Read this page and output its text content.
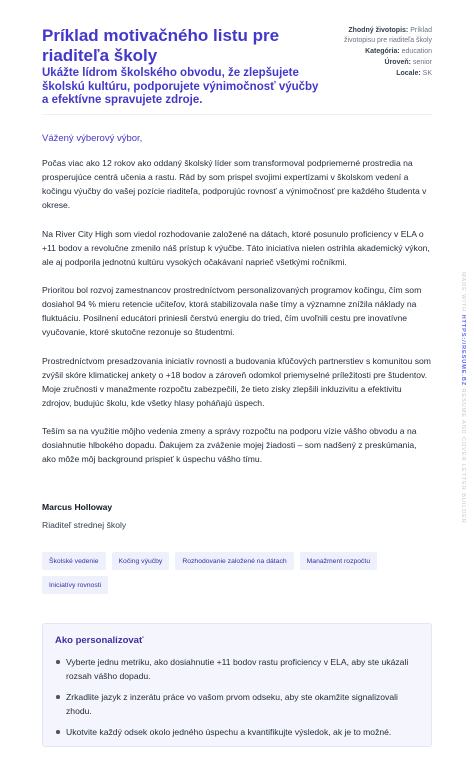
Príklad motivačného listu pre riaditeľa školy

Ukážte lídrom školského obvodu, že zlepšujete školskú kultúru, podporujete výnimočnosť výučby a efektívne spravujete zdroje.

Zhodný životopis: Príklad životopisu pre riaditeľa školy
Kategória: education
Úroveň: senior
Locale: SK

Vážený výberový výbor,

Počas viac ako 12 rokov ako oddaný školský líder som transformoval podpriemerné prostredia na prosperujúce centrá učenia a rastu. Rád by som prispel svojimi expertízami v školskom vedení a kočingu výučby do vašej pozície riaditeľa, podporujúc rovnosť a výnimočnosť pre každého študenta v okrese.

Na River City High som viedol rozhodovanie založené na dátach, ktoré posunulo proficiency v ELA o +11 bodov a revolučne zmenilo náš prístup k výučbe. Táto iniciatíva nielen ostrihla akademický výkon, ale aj podporila jednotnú kultúru vysokých očakávaní naprieč všetkými ročníkmi.

Prioritou bol rozvoj zamestnancov prostredníctvom personalizovaných programov kočingu, čím som dosiahol 94 % mieru retencie učiteľov, ktorá stabilizovala naše tímy a významne znížila náklady na fluktuáciu. Posilnení educátori priniesli čerstvú energiu do tried, čím uvoľnili cestu pre inovatívne vyučovanie, ktoré skutočne rezonuje so študentmi.

Prostredníctvom presadzovania iniciatív rovnosti a budovania kľúčových partnerstiev s komunitou som zvýšil skóre klimatickej ankety o +18 bodov a zároveň odomkol priemyselné príležitosti pre študentov. Moje zručnosti v manažmente rozpočtu zabezpečili, že tieto zisky zlepšili inkluzivitu a efektivitu zdrojov, budujúc školu, kde všetky hlasy poháňajú úspech.

Teším sa na využitie môjho vedenia zmeny a správy rozpočtu na podporu vízie vášho obvodu a na dosiahnutie hlbokého dopadu. Ďakujem za zváženie mojej žiadosti – som nadšený z preskúmania, ako môže môj background prispieť k úspechu vášho tímu.

Marcus Holloway

Riaditeľ strednej školy

Školské vedenie	Kočing výučby	Rozhodovanie založené na dátach	Manažment rozpočtu
Iniciatívy rovnosti
Ako personalizovať
Vyberte jednu metriku, ako dosiahnutie +11 bodov rastu proficiency v ELA, aby ste ukázali rozsah vášho dopadu.
Zrkadlite jazyk z inzerátu práce vo vašom prvom odseku, aby ste okamžite signalizovali zhodu.
Ukotvite každý odsek okolo jedného úspechu a kvantifikujte výsledok, ak je to možné.
MADE WITH HTTPS://RESUME.BZ RESUME AND COVER LETTER BUILDER
